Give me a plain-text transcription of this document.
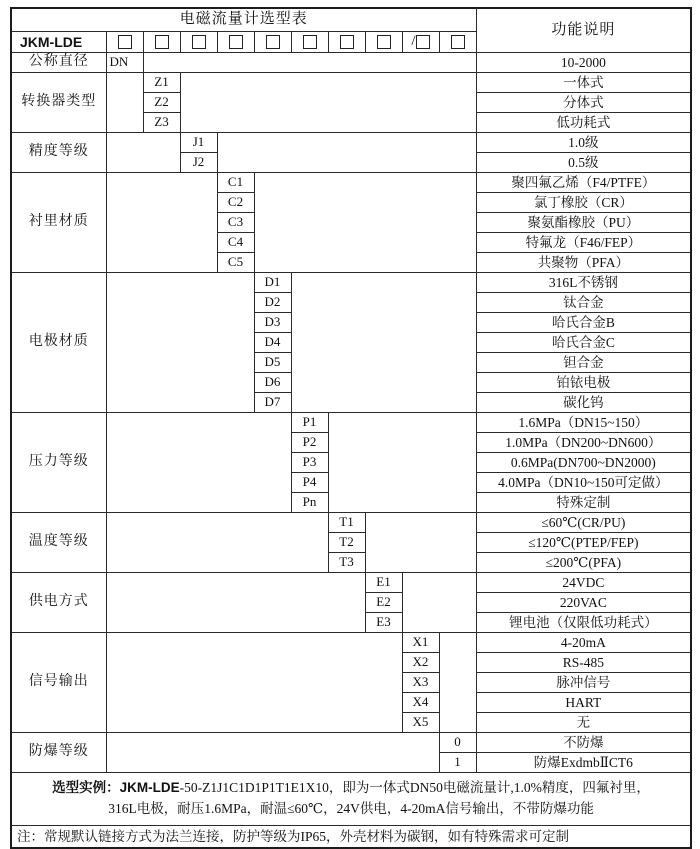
电磁流量计选型表											功能说明
JKM-LDE									/		
公称直径	DN										10-2000
转换器类型		Z1									一体式
		Z2									分体式
		Z3									低功耗式
精度等级			J1								1.0级
			J2								0.5级
衬里材质				C1							聚四氟乙烯（F4/PTFE）
				C2							氯丁橡胶（CR）
				C3							聚氨酯橡胶（PU）
				C4							特氟龙（F46/FEP）
				C5							共聚物（PFA）
电极材质					D1						316L不锈钢
					D2						钛合金
					D3						哈氏合金B
					D4						哈氏合金C
					D5						钽合金
					D6						铂铱电极
					D7						碳化钨
压力等级						P1					1.6MPa（DN15~150）
						P2					1.0MPa（DN200~DN600）
						P3					0.6MPa(DN700~DN2000)
						P4					4.0MPa（DN10~150可定做）
						Pn					特殊定制
温度等级							T1				≤60℃(CR/PU)
							T2				≤120℃(PTEP/FEP)
							T3				≤200℃(PFA)
供电方式								E1			24VDC
								E2			220VAC
								E3			锂电池（仅限低功耗式）
信号输出									X1		4-20mA
									X2		RS-485
									X3		脉冲信号
									X4		HART
									X5		无
防爆等级										0	不防爆
										1	防爆ExdmbⅡCT6
选型实例：JKM-LDE-50-Z1J1C1D1P1T1E1X10，即为一体式DN50电磁流量计,1.0%精度，四氟衬里，
316L电极，耐压1.6MPa，耐温≤60℃，24V供电，4-20mA信号输出，不带防爆功能											
注：常规默认链接方式为法兰连接，防护等级为IP65，外壳材料为碳钢，如有特殊需求可定制											
